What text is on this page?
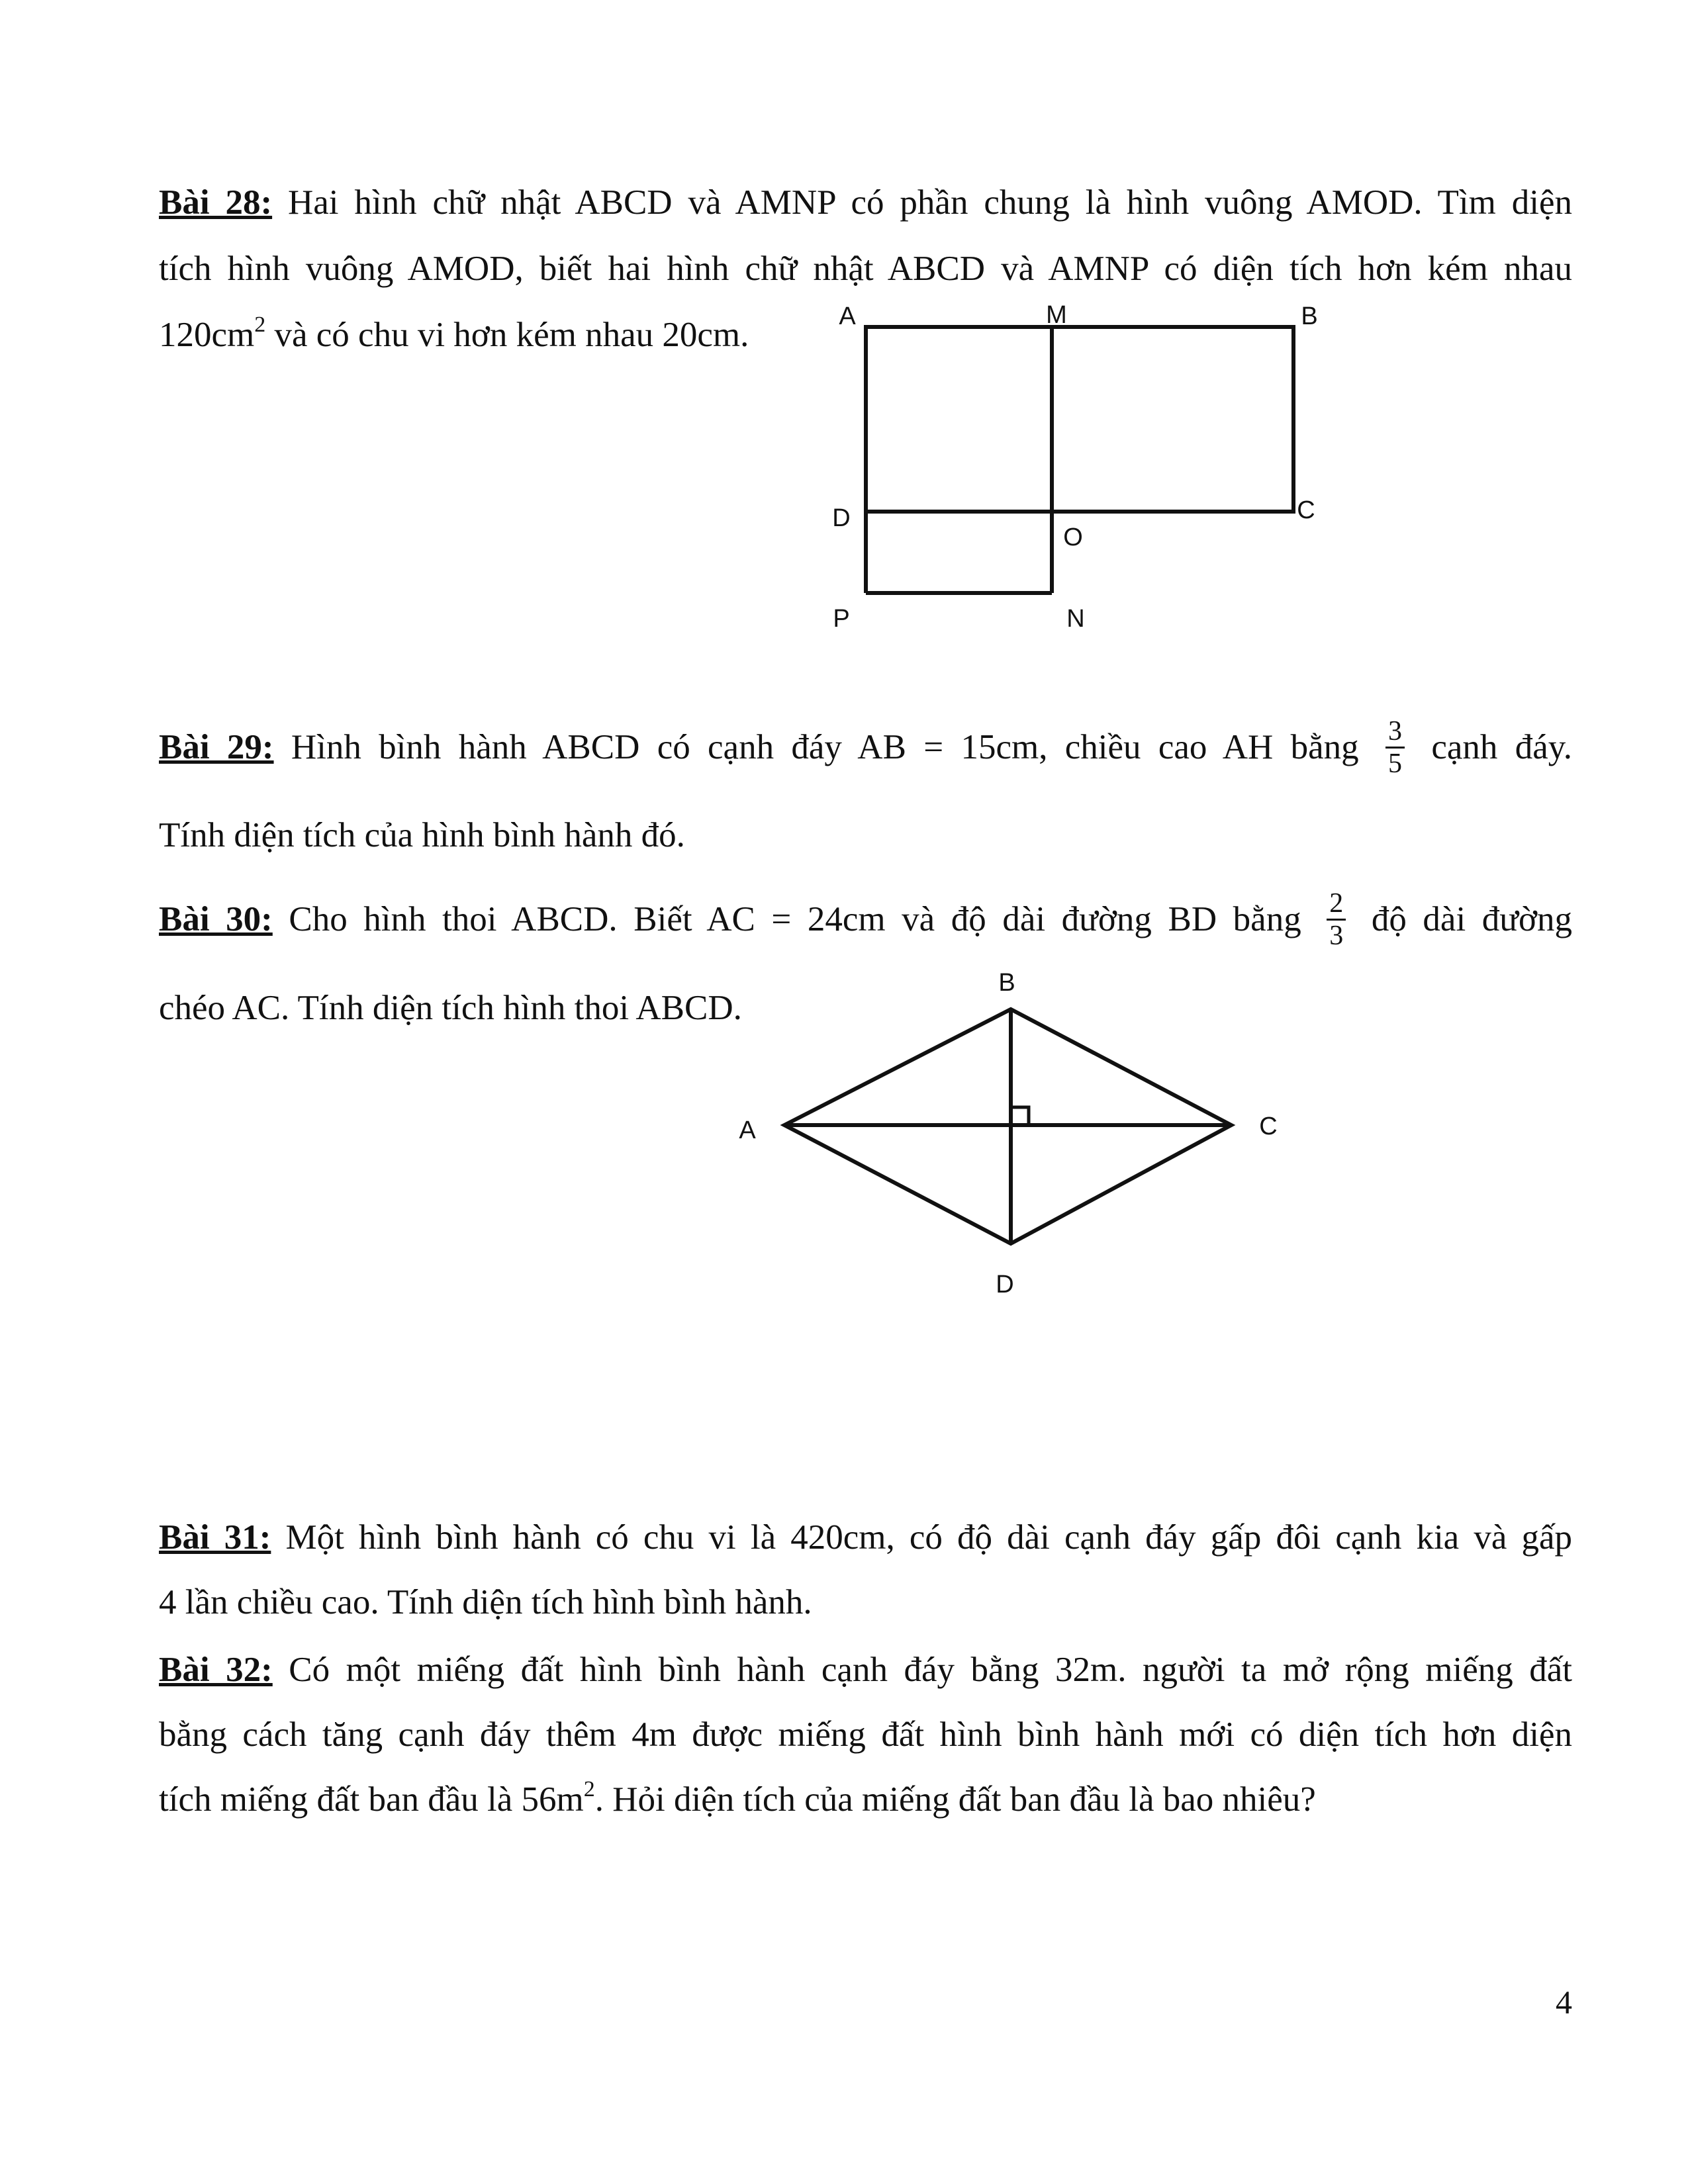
Bài 28: Hai hình chữ nhật ABCD và AMNP có phần chung là hình vuông AMOD. Tìm diện
tích hình vuông AMOD, biết hai hình chữ nhật ABCD và AMNP có diện tích hơn kém nhau
$120cm^2$ và có chu vi hơn kém nhau 20cm.
Bài 29: Hình bình hành ABCD có cạnh đáy AB = 15cm, chiều cao AH bằng $\frac{3}{5}$ cạnh đáy.
Tính diện tích của hình bình hành đó.
Bài 30: Cho hình thoi ABCD. Biết AC = 24cm và độ dài đường BD bằng $\frac{2}{3}$ độ dài đường
chéo AC. Tính diện tích hình thoi ABCD.
Bài 31: Một hình bình hành có chu vi là 420cm, có độ dài cạnh đáy gấp đôi cạnh kia và gấp
4 lần chiều cao. Tính diện tích hình bình hành.
Bài 32: Có một miếng đất hình bình hành cạnh đáy bằng 32m. người ta mở rộng miếng đất
bằng cách tăng cạnh đáy thêm 4m được miếng đất hình bình hành mới có diện tích hơn diện
tích miếng đất ban đầu là $56m^2$. Hỏi diện tích của miếng đất ban đầu là bao nhiêu?
4
A	M	B
D	C
O
P	N
B
A	C
D
